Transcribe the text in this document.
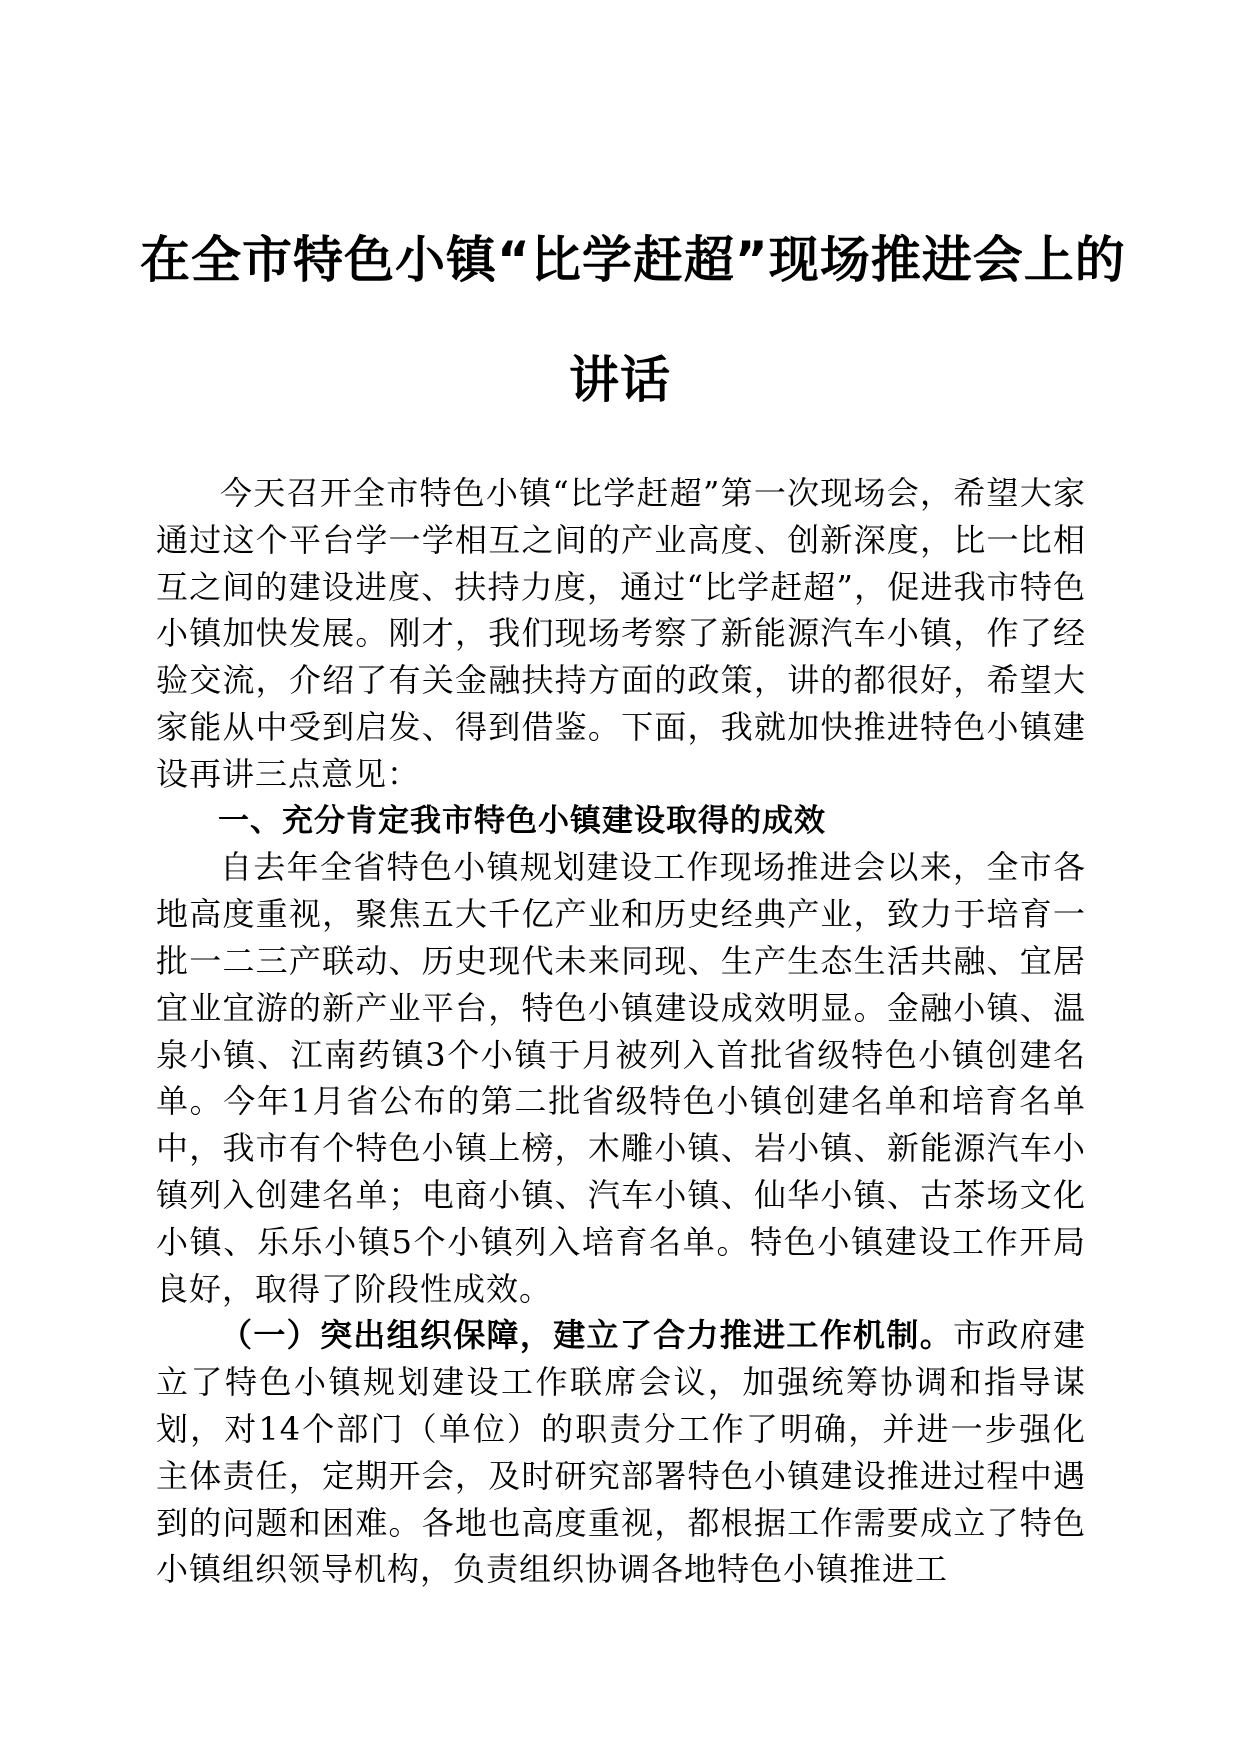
在全市特色小镇“比学赶超”现场推进会上的
讲话

今天召开全市特色小镇“比学赶超”第一次现场会，希望大家通过这个平台学一学相互之间的产业高度、创新深度，比一比相互之间的建设进度、扶持力度，通过“比学赶超”，促进我市特色小镇加快发展。刚才，我们现场考察了新能源汽车小镇，作了经验交流，介绍了有关金融扶持方面的政策，讲的都很好，希望大家能从中受到启发、得到借鉴。下面，我就加快推进特色小镇建设再讲三点意见：

一、充分肯定我市特色小镇建设取得的成效

自去年全省特色小镇规划建设工作现场推进会以来，全市各地高度重视，聚焦五大千亿产业和历史经典产业，致力于培育一批一二三产联动、历史现代未来同现、生产生态生活共融、宜居宜业宜游的新产业平台，特色小镇建设成效明显。金融小镇、温泉小镇、江南药镇3个小镇于月被列入首批省级特色小镇创建名单。今年1月省公布的第二批省级特色小镇创建名单和培育名单中，我市有个特色小镇上榜，木雕小镇、岩小镇、新能源汽车小镇列入创建名单；电商小镇、汽车小镇、仙华小镇、古茶场文化小镇、乐乐小镇5个小镇列入培育名单。特色小镇建设工作开局良好，取得了阶段性成效。

（一）突出组织保障，建立了合力推进工作机制。市政府建立了特色小镇规划建设工作联席会议，加强统筹协调和指导谋划，对14个部门（单位）的职责分工作了明确，并进一步强化主体责任，定期开会，及时研究部署特色小镇建设推进过程中遇到的问题和困难。各地也高度重视，都根据工作需要成立了特色小镇组织领导机构，负责组织协调各地特色小镇推进工
